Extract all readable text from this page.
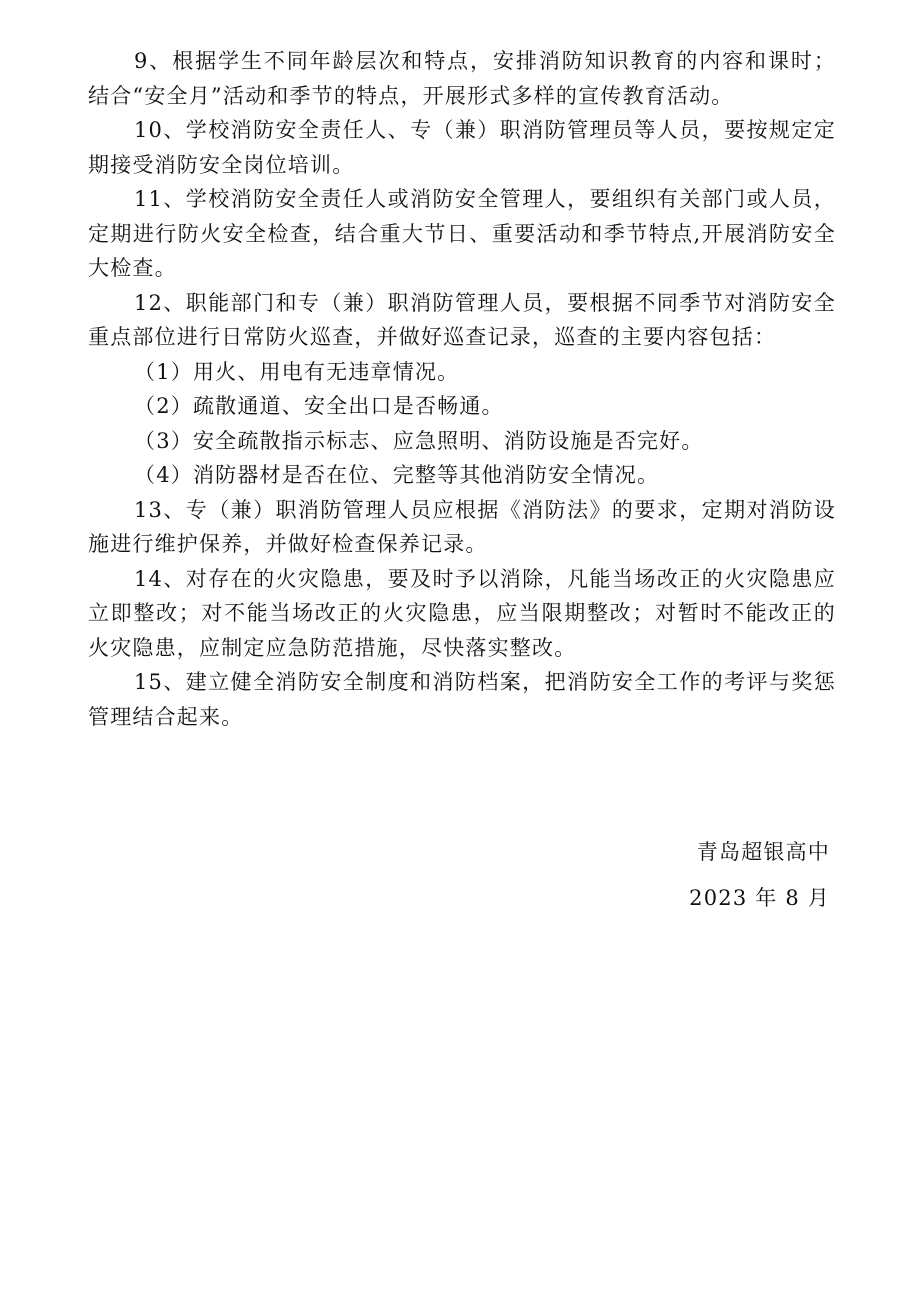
9、根据学生不同年龄层次和特点，安排消防知识教育的内容和课时；结合“安全月”活动和季节的特点，开展形式多样的宣传教育活动。

10、学校消防安全责任人、专（兼）职消防管理员等人员，要按规定定期接受消防安全岗位培训。

11、学校消防安全责任人或消防安全管理人，要组织有关部门或人员，定期进行防火安全检查，结合重大节日、重要活动和季节特点,开展消防安全大检查。

12、职能部门和专（兼）职消防管理人员，要根据不同季节对消防安全重点部位进行日常防火巡查，并做好巡查记录，巡查的主要内容包括：

（1）用火、用电有无违章情况。

（2）疏散通道、安全出口是否畅通。

（3）安全疏散指示标志、应急照明、消防设施是否完好。

（4）消防器材是否在位、完整等其他消防安全情况。

13、专（兼）职消防管理人员应根据《消防法》的要求，定期对消防设施进行维护保养，并做好检查保养记录。

14、对存在的火灾隐患，要及时予以消除，凡能当场改正的火灾隐患应立即整改；对不能当场改正的火灾隐患，应当限期整改；对暂时不能改正的火灾隐患，应制定应急防范措施，尽快落实整改。

15、建立健全消防安全制度和消防档案，把消防安全工作的考评与奖惩管理结合起来。

青岛超银高中
2023 年 8 月
